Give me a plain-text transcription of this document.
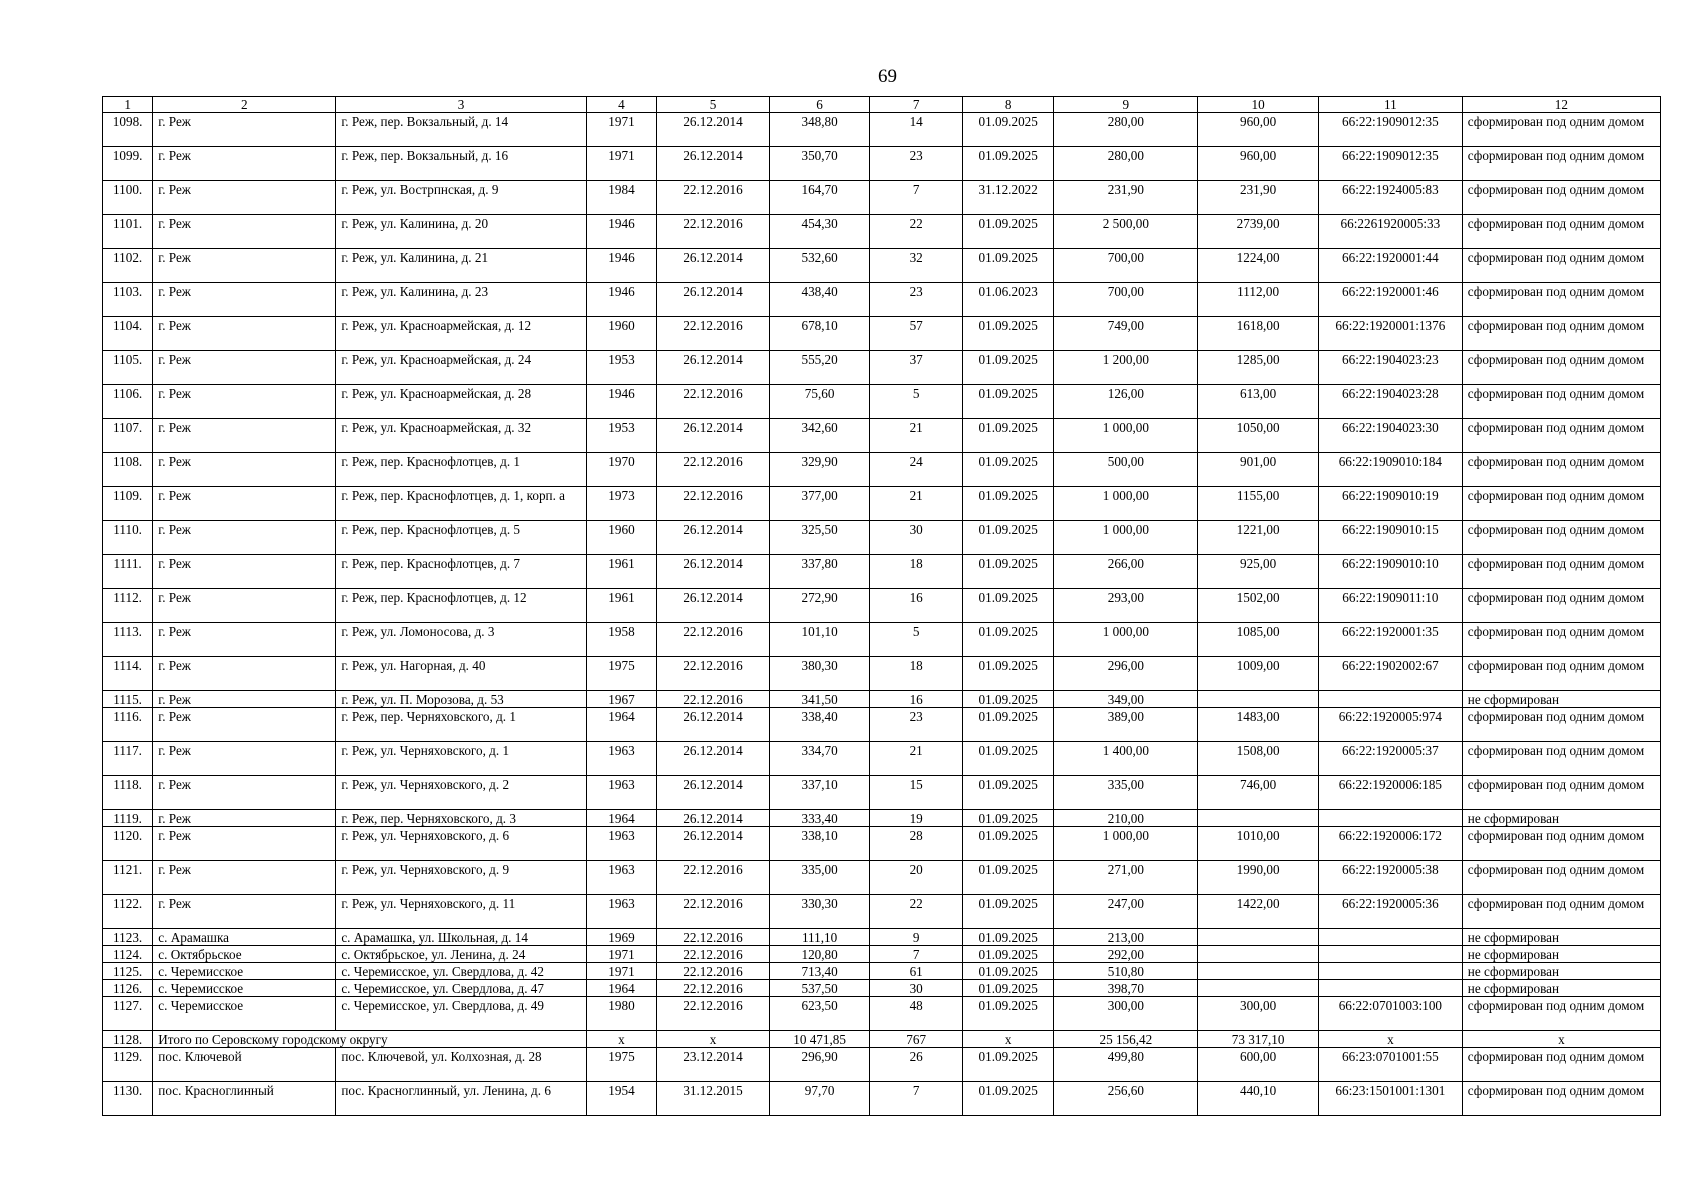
69
1	2	3	4	5	6	7	8	9	10	11	12
1098.	г. Реж	г. Реж, пер. Вокзальный, д. 14	1971	26.12.2014	348,80	14	01.09.2025	280,00	960,00	66:22:1909012:35	сформирован под одним домом
1099.	г. Реж	г. Реж, пер. Вокзальный, д. 16	1971	26.12.2014	350,70	23	01.09.2025	280,00	960,00	66:22:1909012:35	сформирован под одним домом
1100.	г. Реж	г. Реж, ул. Вострпнская, д. 9	1984	22.12.2016	164,70	7	31.12.2022	231,90	231,90	66:22:1924005:83	сформирован под одним домом
1101.	г. Реж	г. Реж, ул. Калинина, д. 20	1946	22.12.2016	454,30	22	01.09.2025	2 500,00	2739,00	66:2261920005:33	сформирован под одним домом
1102.	г. Реж	г. Реж, ул. Калинина, д. 21	1946	26.12.2014	532,60	32	01.09.2025	700,00	1224,00	66:22:1920001:44	сформирован под одним домом
1103.	г. Реж	г. Реж, ул. Калинина, д. 23	1946	26.12.2014	438,40	23	01.06.2023	700,00	1112,00	66:22:1920001:46	сформирован под одним домом
1104.	г. Реж	г. Реж, ул. Красноармейская, д. 12	1960	22.12.2016	678,10	57	01.09.2025	749,00	1618,00	66:22:1920001:1376	сформирован под одним домом
1105.	г. Реж	г. Реж, ул. Красноармейская, д. 24	1953	26.12.2014	555,20	37	01.09.2025	1 200,00	1285,00	66:22:1904023:23	сформирован под одним домом
1106.	г. Реж	г. Реж, ул. Красноармейская, д. 28	1946	22.12.2016	75,60	5	01.09.2025	126,00	613,00	66:22:1904023:28	сформирован под одним домом
1107.	г. Реж	г. Реж, ул. Красноармейская, д. 32	1953	26.12.2014	342,60	21	01.09.2025	1 000,00	1050,00	66:22:1904023:30	сформирован под одним домом
1108.	г. Реж	г. Реж, пер. Краснофлотцев, д. 1	1970	22.12.2016	329,90	24	01.09.2025	500,00	901,00	66:22:1909010:184	сформирован под одним домом
1109.	г. Реж	г. Реж, пер. Краснофлотцев, д. 1, корп. а	1973	22.12.2016	377,00	21	01.09.2025	1 000,00	1155,00	66:22:1909010:19	сформирован под одним домом
1110.	г. Реж	г. Реж, пер. Краснофлотцев, д. 5	1960	26.12.2014	325,50	30	01.09.2025	1 000,00	1221,00	66:22:1909010:15	сформирован под одним домом
1111.	г. Реж	г. Реж, пер. Краснофлотцев, д. 7	1961	26.12.2014	337,80	18	01.09.2025	266,00	925,00	66:22:1909010:10	сформирован под одним домом
1112.	г. Реж	г. Реж, пер. Краснофлотцев, д. 12	1961	26.12.2014	272,90	16	01.09.2025	293,00	1502,00	66:22:1909011:10	сформирован под одним домом
1113.	г. Реж	г. Реж, ул. Ломоносова, д. 3	1958	22.12.2016	101,10	5	01.09.2025	1 000,00	1085,00	66:22:1920001:35	сформирован под одним домом
1114.	г. Реж	г. Реж, ул. Нагорная, д. 40	1975	22.12.2016	380,30	18	01.09.2025	296,00	1009,00	66:22:1902002:67	сформирован под одним домом
1115.	г. Реж	г. Реж, ул. П. Морозова, д. 53	1967	22.12.2016	341,50	16	01.09.2025	349,00			не сформирован
1116.	г. Реж	г. Реж, пер. Черняховского, д. 1	1964	26.12.2014	338,40	23	01.09.2025	389,00	1483,00	66:22:1920005:974	сформирован под одним домом
1117.	г. Реж	г. Реж, ул. Черняховского, д. 1	1963	26.12.2014	334,70	21	01.09.2025	1 400,00	1508,00	66:22:1920005:37	сформирован под одним домом
1118.	г. Реж	г. Реж, ул. Черняховского, д. 2	1963	26.12.2014	337,10	15	01.09.2025	335,00	746,00	66:22:1920006:185	сформирован под одним домом
1119.	г. Реж	г. Реж, пер. Черняховского, д. 3	1964	26.12.2014	333,40	19	01.09.2025	210,00			не сформирован
1120.	г. Реж	г. Реж, ул. Черняховского, д. 6	1963	26.12.2014	338,10	28	01.09.2025	1 000,00	1010,00	66:22:1920006:172	сформирован под одним домом
1121.	г. Реж	г. Реж, ул. Черняховского, д. 9	1963	22.12.2016	335,00	20	01.09.2025	271,00	1990,00	66:22:1920005:38	сформирован под одним домом
1122.	г. Реж	г. Реж, ул. Черняховского, д. 11	1963	22.12.2016	330,30	22	01.09.2025	247,00	1422,00	66:22:1920005:36	сформирован под одним домом
1123.	с. Арамашка	с. Арамашка, ул. Школьная, д. 14	1969	22.12.2016	111,10	9	01.09.2025	213,00			не сформирован
1124.	с. Октябрьское	с. Октябрьское, ул. Ленина, д. 24	1971	22.12.2016	120,80	7	01.09.2025	292,00			не сформирован
1125.	с. Черемисское	с. Черемисское, ул. Свердлова, д. 42	1971	22.12.2016	713,40	61	01.09.2025	510,80			не сформирован
1126.	с. Черемисское	с. Черемисское, ул. Свердлова, д. 47	1964	22.12.2016	537,50	30	01.09.2025	398,70			не сформирован
1127.	с. Черемисское	с. Черемисское, ул. Свердлова, д. 49	1980	22.12.2016	623,50	48	01.09.2025	300,00	300,00	66:22:0701003:100	сформирован под одним домом
1128.	Итого по Серовскому городскому округу		x	x	10 471,85	767	x	25 156,42	73 317,10	x	x
1129.	пос. Ключевой	пос. Ключевой, ул. Колхозная, д. 28	1975	23.12.2014	296,90	26	01.09.2025	499,80	600,00	66:23:0701001:55	сформирован под одним домом
1130.	пос. Красноглинный	пос. Красноглинный, ул. Ленина, д. 6	1954	31.12.2015	97,70	7	01.09.2025	256,60	440,10	66:23:1501001:1301	сформирован под одним домом
